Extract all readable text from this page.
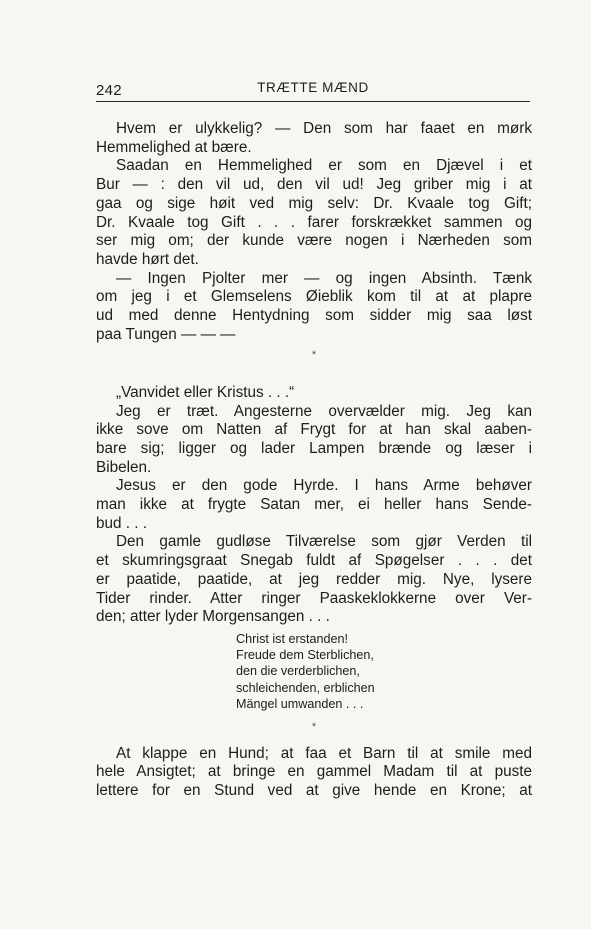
242	TRÆTTE MÆND
Hvem er ulykkelig? — Den som har faaet en mørk
Hemmelighed at bære.
Saadan en Hemmelighed er som en Djævel i et
Bur — : den vil ud, den vil ud! Jeg griber mig i at
gaa og sige høit ved mig selv: Dr. Kvaale tog Gift;
Dr. Kvaale tog Gift . . . farer forskrækket sammen og
ser mig om; der kunde være nogen i Nærheden som
havde hørt det.
— Ingen Pjolter mer — og ingen Absinth. Tænk
om jeg i et Glemselens Øieblik kom til at at plapre
ud med denne Hentydning som sidder mig saa løst
paa Tungen — — —
*
„Vanvidet eller Kristus . . .“
Jeg er træt. Angesterne overvælder mig. Jeg kan
ikke sove om Natten af Frygt for at han skal aaben-
bare sig; ligger og lader Lampen brænde og læser i
Bibelen.
Jesus er den gode Hyrde. I hans Arme behøver
man ikke at frygte Satan mer, ei heller hans Sende-
bud . . .
Den gamle gudløse Tilværelse som gjør Verden til
et skumringsgraat Snegab fuldt af Spøgelser . . . det
er paatide, paatide, at jeg redder mig. Nye, lysere
Tider rinder. Atter ringer Paaskeklokkerne over Ver-
den; atter lyder Morgensangen . . .
Christ ist erstanden!
Freude dem Sterblichen,
den die verderblichen,
schleichenden, erblichen
Mängel umwanden . . .
*
At klappe en Hund; at faa et Barn til at smile med
hele Ansigtet; at bringe en gammel Madam til at puste
lettere for en Stund ved at give hende en Krone; at
